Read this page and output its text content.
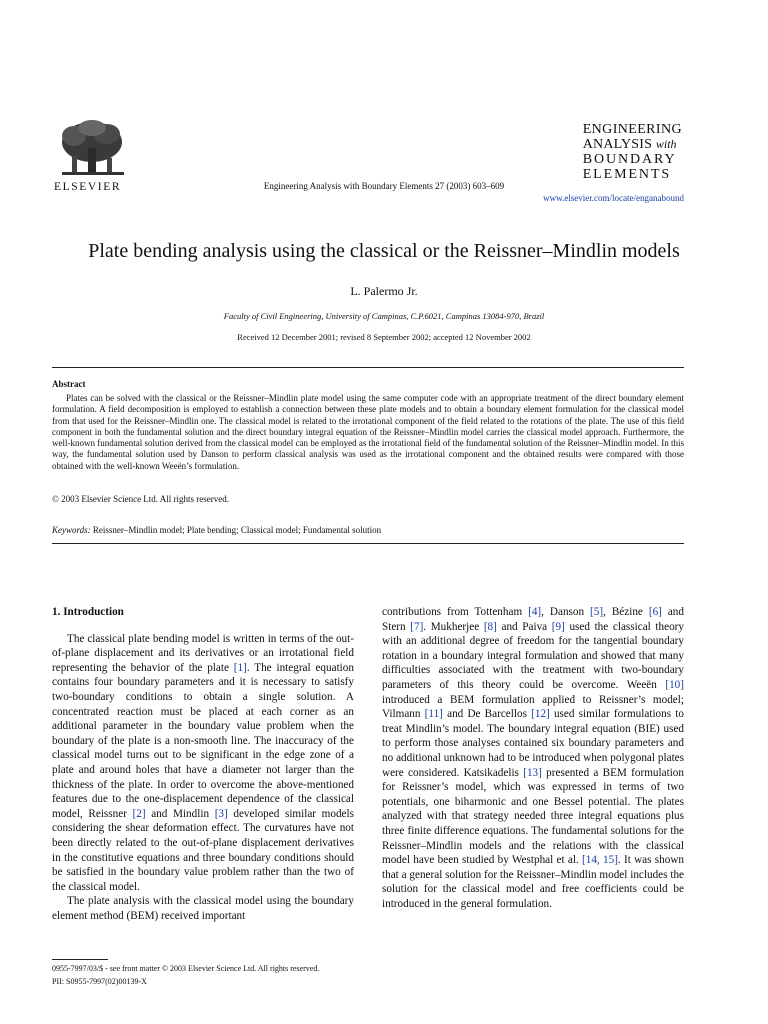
ELSEVIER	Engineering Analysis with Boundary Elements 27 (2003) 603–609
ENGINEERING
ANALYSIS with
BOUNDARY
ELEMENTS
www.elsevier.com/locate/enganabound
Plate bending analysis using the classical or the Reissner–Mindlin models
L. Palermo Jr.
Faculty of Civil Engineering, University of Campinas, C.P.6021, Campinas 13084-970, Brazil
Received 12 December 2001; revised 8 September 2002; accepted 12 November 2002
Abstract

Plates can be solved with the classical or the Reissner–Mindlin plate model using the same computer code with an appropriate treatment of the direct boundary element formulation. A field decomposition is employed to establish a connection between these plate models and to obtain a boundary element formulation for the classical model from that used for the Reissner–Mindlin one. The classical model is related to the irrotational component of the field related to the rotations of the plate. The use of this field component in both the fundamental solution and the direct boundary integral equation of the Reissner–Mindlin model carries the classical model approach. Furthermore, the well-known fundamental solution derived from the classical model can be employed as the irrotational field of the fundamental solution of the Reissner–Mindlin model. In this way, the fundamental solution used by Danson to perform classical analysis was used as the irrotational component and the obtained results were compared with those obtained with the well-known Weeën’s formulation.

© 2003 Elsevier Science Ltd. All rights reserved.
Keywords: Reissner–Mindlin model; Plate bending; Classical model; Fundamental solution
1. Introduction

The classical plate bending model is written in terms of the out-of-plane displacement and its derivatives or an irrotational field representing the behavior of the plate [1]. The integral equation contains four boundary parameters and it is necessary to satisfy two-boundary conditions to obtain a single solution. A concentrated reaction must be placed at each corner as an additional parameter in the boundary value problem when the boundary of the plate is a non-smooth line. The inaccuracy of the classical model turns out to be significant in the edge zone of a plate and around holes that have a diameter not larger than the thickness of the plate. In order to overcome the above-mentioned features due to the one-displacement dependence of the classical model, Reissner [2] and Mindlin [3] developed similar models considering the shear deformation effect. The curvatures have not been directly related to the out-of-plane displacement derivatives in the constitutive equations and three boundary conditions should be satisfied in the boundary value problem rather than the two of the classical model.

The plate analysis with the classical model using the boundary element method (BEM) received important

contributions from Tottenham [4], Danson [5], Bézine [6] and Stern [7]. Mukherjee [8] and Paiva [9] used the classical theory with an additional degree of freedom for the tangential boundary rotation in a boundary integral formulation and showed that many difficulties associated with the treatment with two-boundary parameters of this theory could be overcome. Weeën [10] introduced a BEM formulation applied to Reissner’s model; Vilmann [11] and De Barcellos [12] used similar formulations to treat Mindlin’s model. The boundary integral equation (BIE) used to perform those analyses contained six boundary parameters and no additional unknown had to be introduced when polygonal plates were considered. Katsikadelis [13] presented a BEM formulation for Reissner’s model, which was expressed in terms of two potentials, one biharmonic and one Bessel potential. The plates analyzed with that strategy needed three integral equations plus three finite difference equations. The fundamental solutions for the Reissner–Mindlin models and the relations with the classical model have been studied by Westphal et al. [14, 15]. It was shown that a general solution for the Reissner–Mindlin model includes the solution for the classical model and free coefficients could be introduced in the general formulation.

0955-7997/03/$ - see front matter © 2003 Elsevier Science Ltd. All rights reserved.
PII: S0955-7997(02)00139-X
